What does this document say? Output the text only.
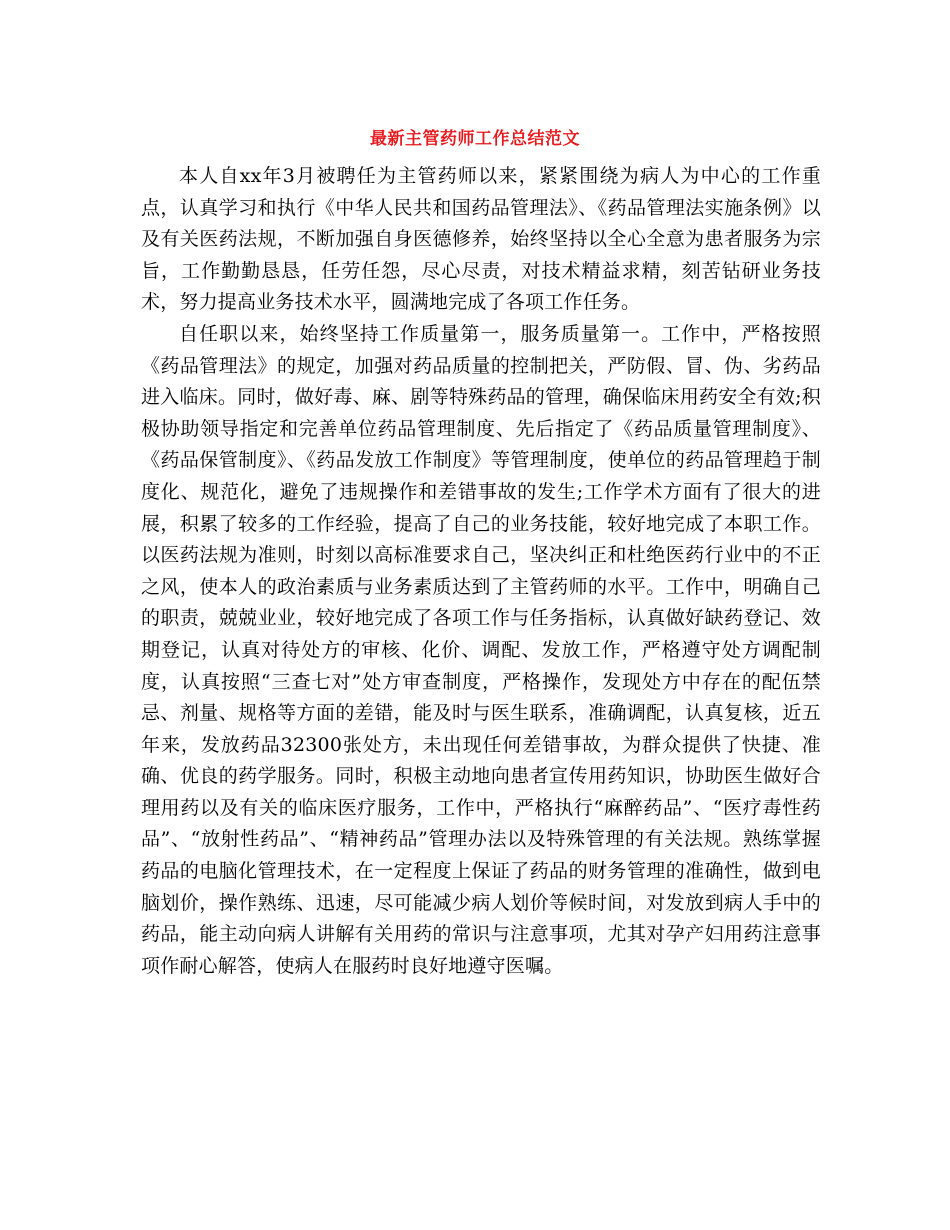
最新主管药师工作总结范文

本人自xx年3月被聘任为主管药师以来，紧紧围绕为病人为中心的工作重点，认真学习和执行《中华人民共和国药品管理法》、《药品管理法实施条例》以及有关医药法规，不断加强自身医德修养，始终坚持以全心全意为患者服务为宗旨，工作勤勤恳恳，任劳任怨，尽心尽责，对技术精益求精，刻苦钻研业务技术，努力提高业务技术水平，圆满地完成了各项工作任务。

自任职以来，始终坚持工作质量第一，服务质量第一。工作中，严格按照《药品管理法》的规定，加强对药品质量的控制把关，严防假、冒、伪、劣药品进入临床。同时，做好毒、麻、剧等特殊药品的管理，确保临床用药安全有效;积极协助领导指定和完善单位药品管理制度、先后指定了《药品质量管理制度》、《药品保管制度》、《药品发放工作制度》等管理制度，使单位的药品管理趋于制度化、规范化，避免了违规操作和差错事故的发生;工作学术方面有了很大的进展，积累了较多的工作经验，提高了自己的业务技能，较好地完成了本职工作。以医药法规为准则，时刻以高标准要求自己，坚决纠正和杜绝医药行业中的不正之风，使本人的政治素质与业务素质达到了主管药师的水平。工作中，明确自己的职责，兢兢业业，较好地完成了各项工作与任务指标，认真做好缺药登记、效期登记，认真对待处方的审核、化价、调配、发放工作，严格遵守处方调配制度，认真按照“三查七对”处方审查制度，严格操作，发现处方中存在的配伍禁忌、剂量、规格等方面的差错，能及时与医生联系，准确调配，认真复核，近五年来，发放药品32300张处方，未出现任何差错事故，为群众提供了快捷、准确、优良的药学服务。同时，积极主动地向患者宣传用药知识，协助医生做好合理用药以及有关的临床医疗服务，工作中，严格执行“麻醉药品”、“医疗毒性药品”、“放射性药品”、“精神药品”管理办法以及特殊管理的有关法规。熟练掌握药品的电脑化管理技术，在一定程度上保证了药品的财务管理的准确性，做到电脑划价，操作熟练、迅速，尽可能减少病人划价等候时间，对发放到病人手中的药品，能主动向病人讲解有关用药的常识与注意事项，尤其对孕产妇用药注意事项作耐心解答，使病人在服药时良好地遵守医嘱。
